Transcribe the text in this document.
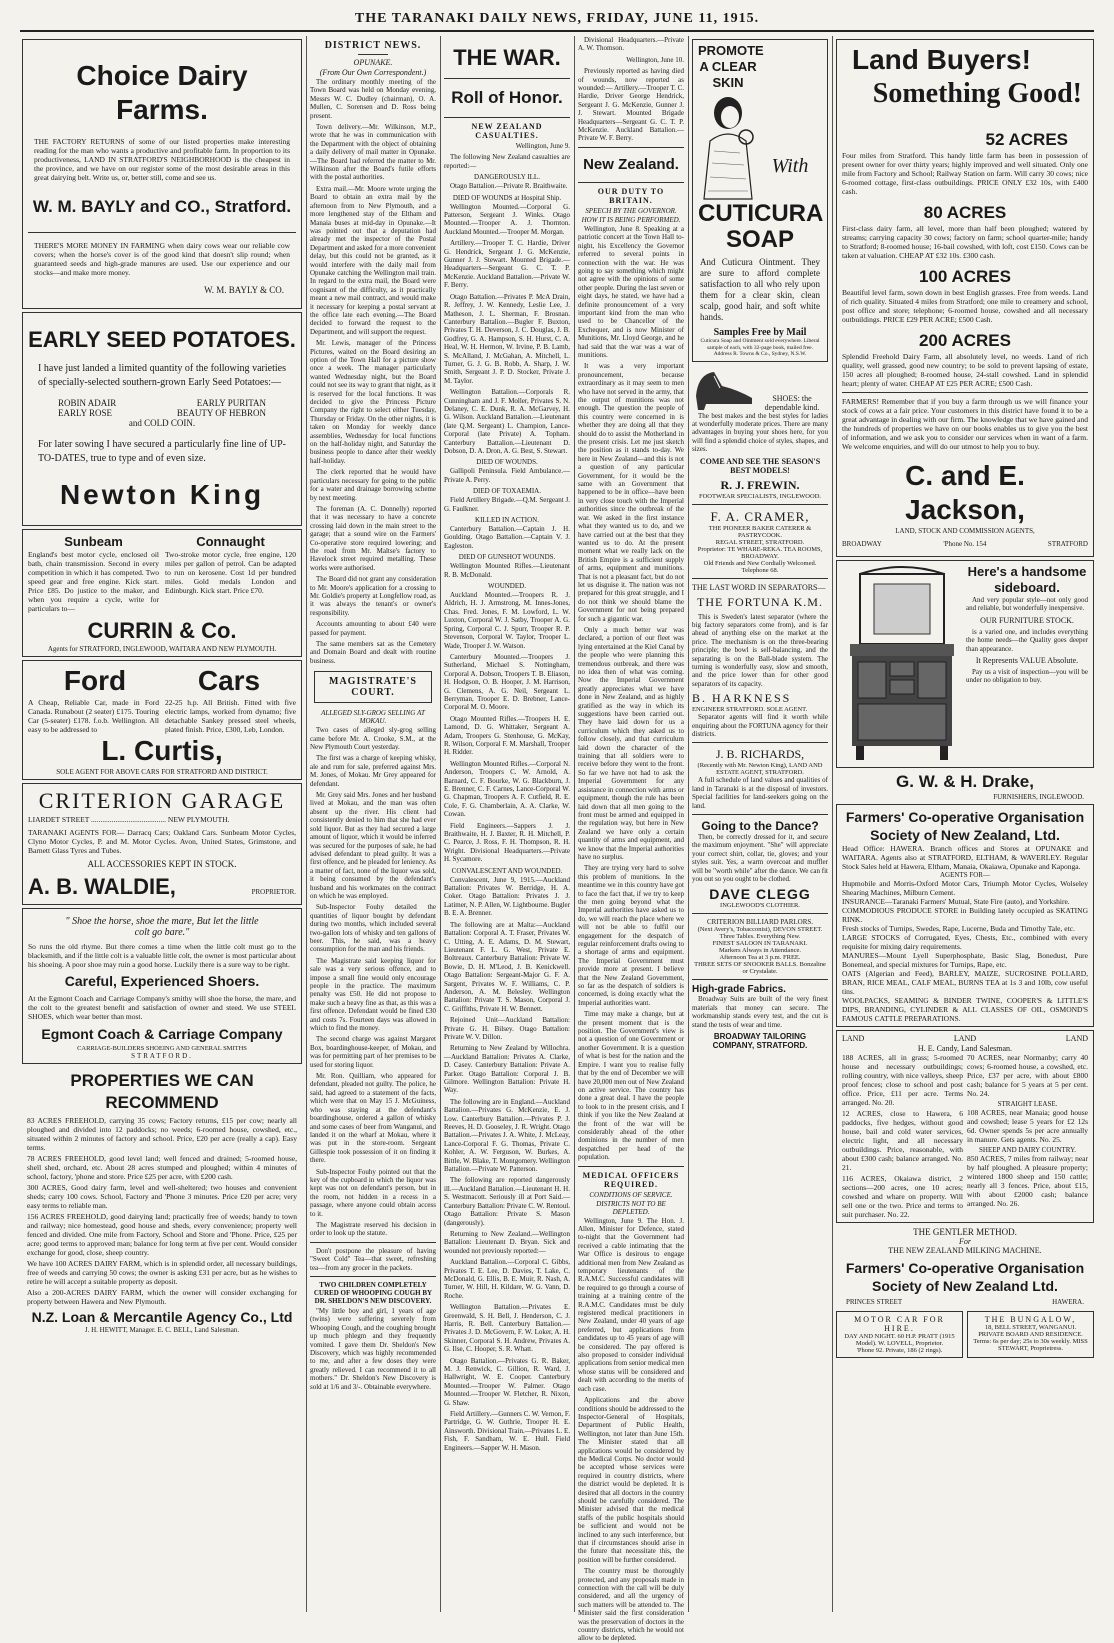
THE TARANAKI DAILY NEWS, FRIDAY, JUNE 11, 1915.
Choice Dairy Farms.
THE FACTORY RETURNS of some of our listed properties make interesting reading for the man who wants a productive and profitable farm. In proportion to its productiveness, LAND IN STRATFORD'S NEIGHBORHOOD is the cheapest in the province, and we have on our register some of the most desirable areas in this great dairying belt. Write us, or, better still, come and see us.
W. M. BAYLY and CO., Stratford.
THERE'S MORE MONEY IN FARMING when dairy cows wear our reliable cow covers; when the horse's cover is of the good kind that doesn't slip round; when guaranteed seeds and high-grade manures are used. Use our experience and our stocks—and make more money.
W. M. BAYLY & CO.
EARLY SEED POTATOES.
I have just landed a limited quantity of the following varieties of specially-selected southern-grown Early Seed Potatoes:—
ROBIN ADAIR	EARLY PURITAN
EARLY ROSE	BEAUTY OF HEBRON
and COLD COIN.
For later sowing I have secured a particularly fine line of UP-TO-DATES, true to type and of even size.
Newton King
Sunbeam
England's best motor cycle, enclosed oil bath, chain transmission. Second in every competition in which it has competed. Two speed gear and free engine. Kick start. Price £85. Do justice to the maker, and when you require a cycle, write for particulars to—
Connaught
Two-stroke motor cycle, free engine, 120 miles per gallon of petrol. Can be adapted to run on kerosene. Cost 1d per hundred miles. Gold medals London and Edinburgh. Kick start. Price £70.
CURRIN & Co.
Agents for STRATFORD, INGLEWOOD, WAITARA AND NEW PLYMOUTH.
Ford	Cars
A Cheap, Reliable Car, made in Ford Canada. Runabout (2 seater) £175. Touring Car (5-seater) £178. f.o.b. Wellington. All easy to be addressed to
22-25 h.p. All British. Fitted with five electric lamps, worked from dynamo; five detachable Sankey pressed steel wheels, plated finish. Price, £300, Leb, London.
L. Curtis,
SOLE AGENT FOR ABOVE CARS FOR STRATFORD AND DISTRICT.
CRITERION GARAGE
LIARDET STREET ........................................ NEW PLYMOUTH.
TARANAKI AGENTS FOR— Darracq Cars; Oakland Cars. Sunbeam Motor Cycles, Clyno Motor Cycles, P. and M. Motor Cycles. Avon, United States, Grimstone, and Barnett Glass Tyres and Tubes.
ALL ACCESSORIES KEPT IN STOCK.
A. B. WALDIE,	PROPRIETOR.
" Shoe the horse, shoe the mare, But let the little colt go bare."
So runs the old rhyme. But there comes a time when the little colt must go to the blacksmith, and if the little colt is a valuable little colt, the owner is most particular about his shoeing. A poor shoe may ruin a good horse. Luckily there is a sure way to be right.
Careful, Experienced Shoers.
At the Egmont Coach and Carriage Company's smithy will shoe the horse, the mare, and the colt to the greatest benefit and satisfaction of owner and steed. We use STEEL SHOES, which wear better than most.
Egmont Coach & Carriage Company
CARRIAGE-BUILDERS SHOEING AND GENERAL SMITHS
STRATFORD.
PROPERTIES WE CAN RECOMMEND
83 ACRES FREEHOLD, carrying 35 cows; Factory returns, £15 per cow; nearly all ploughed and divided into 12 paddocks; no weeds; 6-roomed house, cowshed, etc., situated within 2 minutes of factory and school. Price, £20 per acre (really a cap). Easy terms.
78 ACRES FREEHOLD, good level land; well fenced and drained; 5-roomed house, shell shed, orchard, etc. About 28 acres stumped and ploughed; within 4 minutes of school, factory, 'phone and store. Price £25 per acre, with £200 cash.
300 ACRES, Good dairy farm, level and well-sheltered; two houses and convenient sheds; carry 100 cows. School, Factory and 'Phone 3 minutes. Price £20 per acre; very easy terms to reliable man.
156 ACRES FREEHOLD, good dairying land; practically free of weeds; handy to town and railway; nice homestead, good house and sheds, every convenience; property well fenced and divided. One mile from Factory, School and Store and 'Phone. Price, £25 per acre; good terms to approved man; balance for long term at five per cent. Would consider exchange for good, close, sheep country.
We have 100 ACRES DAIRY FARM, which is in splendid order, all necessary buildings, free of weeds and carrying 50 cows; the owner is asking £31 per acre, but as he wishes to retire he will accept a suitable property as deposit.
Also a 200-ACRES DAIRY FARM, which the owner will consider exchanging for property between Hawera and New Plymouth.
N.Z. Loan & Mercantile Agency Co., Ltd
J. H. HEWITT, Manager. E. C. BELL, Land Salesman.
DISTRICT NEWS.
OPUNAKE.
(From Our Own Correspondent.)
The ordinary monthly meeting of the Town Board was held on Monday evening, Messrs W. C. Dudley (chairman), O. A. Mullen, C. Sorensen and D. Ross being present.
Town delivery.—Mr. Wilkinson, M.P., wrote that he was in communication with the Department with the object of obtaining a daily delivery of mail matter in Opunake.—The Board had referred the matter to Mr. Wilkinson after the Board's futile efforts with the postal authorities.
Extra mail.—Mr. Moore wrote urging the Board to obtain an extra mail by the afternoon from to New Plymouth, and a more lengthened stay of the Eltham and Manaia buses at mid-day in Opunake.—It was pointed out that a deputation had already met the inspector of the Postal Department and asked for a more convenient delay, but this could not be granted, as it would interfere with the daily mail from Opunake catching the Wellington mail train. In regard to the extra mail, the Board were cognisant of the difficulty, as it practically meant a new mail contract, and would make it necessary for keeping a postal servant at the office late each evening.—The Board decided to forward the request to the Department, and will support the request.
Mr. Lewis, manager of the Princess Pictures, waited on the Board desiring an option of the Town Hall for a picture show once a week. The manager particularly wanted Wednesday night, but the Board could not see its way to grant that night, as it is reserved for the local functions. It was decided to give the Princess Picture Company the right to select either Tuesday, Thursday or Friday. On the other nights, it is taken on Monday for weekly dance assemblies, Wednesday for local functions on the half-holiday night, and Saturday the business people to dance after their weekly half-holiday.
The clerk reported that he would have particulars necessary for going to the public for a water and drainage borrowing scheme by next meeting.
The foreman (A. C. Donnelly) reported that it was necessary to have a concrete crossing laid down in the main street to the garage; that a sound wire on the Farmers' Co-operative store required lowering; and the road from Mr. Maltse's factory to Havelock street required metalling. These works were authorised.
The Board did not grant any consideration to Mr. Moore's application for a crossing to Mr. Goldie's property at Longfellow road, as it was always the tenant's or owner's responsibility.
Accounts amounting to about £40 were passed for payment.
The same members sat as the Cemetery and Domain Board and dealt with routine business.
MAGISTRATE'S COURT.
ALLEGED SLY-GROG SELLING AT MOKAU.
Two cases of alleged sly-grog selling came before Mr. A. Crooke, S.M., at the New Plymouth Court yesterday.
The first was a charge of keeping whisky, ale and rum for sale, preferred against Mrs. M. Jones, of Mokau. Mr Grey appeared for defendant.
Mr. Grey said Mrs. Jones and her husband lived at Mokau, and the man was often absent up the river. His client had consistently denied to him that she had ever sold liquor. But as they had secured a large amount of liquor, which it would be inferred was secured for the purposes of sale, he had advised defendant to plead guilty. It was a first offence, and he pleaded for leniency. As a matter of fact, none of the liquor was sold, it being consumed by the defendant's husband and his workmates on the contract on which he was employed.
Sub-Inspector Fouhy detailed the quantities of liquor bought by defendant during two months, which included several two-gallon lots of whisky and ten gallons of beer. This, he said, was a heavy consumption for the man and his friends.
The Magistrate said keeping liquor for sale was a very serious offence, and to impose a small fine would only encourage people in the practice. The maximum penalty was £50. He did not propose to make such a heavy fine as that, as this was a first offence. Defendant would be fined £30 and costs 7s. Fourteen days was allowed in which to find the money.
The second charge was against Margaret Box, boardinghouse-keeper, of Mokau, and was for permitting part of her premises to be used for storing liquor.
Mr. Ron. Quilliam, who appeared for defendant, pleaded not guilty. The police, he said, had agreed to a statement of the facts, which were that on May 15 J. McGuiness, who was staying at the defendant's boardinghouse, ordered a gallon of whisky and some cases of beer from Wanganui, and landed it on the wharf at Mokau, where it was put in the store-room. Sergeant Gillespie took possession of it on finding it there.
Sub-Inspector Fouhy pointed out that the key of the cupboard in which the liquor was kept was not on defendant's person, but in the room, not hidden in a recess in a passage, where anyone could obtain access to it.
The Magistrate reserved his decision in order to look up the statute.
Don't postpone the pleasure of having "Sweet Cold" Tea—that sweet, refreshing tea—from any grocer in the packets.
TWO CHILDREN COMPLETELY CURED OF WHOOPING COUGH BY DR. SHELDON'S NEW DISCOVERY.
"My little boy and girl, 1 years of age (twins) were suffering severely from Whooping Cough, and the coughing brought up much phlegm and they frequently vomited. I gave them Dr. Sheldon's New Discovery, which was highly recommended to me, and after a few doses they were greatly relieved. I can recommend it to all mothers." Dr. Sheldon's New Discovery is sold at 1/6 and 3/-. Obtainable everywhere.
THE WAR.
Roll of Honor.
NEW ZEALAND CASUALTIES.
Wellington, June 9.
The following New Zealand casualties are reported:—
DANGEROUSLY ILL.
Otago Battalion.—Private R. Braithwaite.
DIED OF WOUNDS at Hospital Ship.
Wellington Mounted.—Corporal G. Patterson, Sergeant J. Winks. Otago Mounted.—Trooper A. J. Thornton. Auckland Mounted.—Trooper M. Morgan.
Artillery.—Trooper T. C. Hardie, Driver G. Hendrick, Sergeant J. G. McKenzie, Gunner J. J. Stewart. Mounted Brigade.—Headquarters—Sergeant G. C. T. P. McKenzie. Auckland Battalion.—Private W. F. Berry.
Otago Battalion.—Privates P. McA Drain, R. Jeffrey, J. W. Kennedy, Leslie Lee, J. Matheson, J. L. Sherman, F. Brosnan. Canterbury Battalion.—Bugler F. Buxton, Privates T. H. Deverson, J. C. Douglas, J. B. Godfrey, G. A. Hampson, S. H. Hurst, C. A. Heal, W. H. Hermon, W. Irvine, P. B. Lamb, S. McAlland, J. McGahan, A. Mitchell, L. Turner, G. J. G. B. Robb, A. Sharp, J. W. Smith, Sergeant J. P. D. Stocker, Private J. M. Taylor.
Wellington Battalion.—Corporals R. Cunningham and J. F. Moller, Privates S. N. Delaney, C. E. Dunk, R. A. McGarvey, H. G. Wilson. Auckland Battalion.—Lieutenant (late Q.M. Sergeant) L. Champion, Lance-Corporal (late Private) A. Topham. Canterbury Battalion.—Lieutenant D. Dobson, D. A. Dron, A. G. Best, S. Stewart.
DIED OF WOUNDS.
Gallipoli Peninsula. Field Ambulance.—Private A. Perry.
DIED OF TOXAEMIA.
Field Artillery Brigade.—Q.M. Sergeant J. G. Faulkner.
KILLED IN ACTION.
Canterbury Battalion.—Captain J. H. Goulding. Otago Battalion.—Captain V. J. Eagleston.
DIED OF GUNSHOT WOUNDS.
Wellington Mounted Rifles.—Lieutenant R. B. McDonald.
WOUNDED.
Auckland Mounted.—Troopers R. J. Aldrich, H. J. Armstrong, M. Innes-Jones, Chas. Fred. Jones, F. M. Lowford, L. W. Luxton, Corporal W. J. Satby, Trooper A. G. Spring, Corporal C. J. Spurr, Trooper R. P. Stevenson, Corporal W. Taylor, Trooper L. Wade, Trooper J. W. Watson.
Canterbury Mounted.—Troopers J. Sutherland, Michael S. Nottingham, Corporal A. Dobson, Troopers T. B. Eliason, H. Hodgson, O. B. Hooper, J. M. Harrison, G. Clemens, A. G. Neil, Sergeant L. Berryman, Trooper E. D. Brebner, Lance-Corporal M. O. Moore.
Otago Mounted Rifles.—Troopers H. E. Lamond, D. G. Whittaker, Sergeant A. Adam, Troopers G. Stenhouse, G. McKay, R. Wilson, Corporal F. M. Marshall, Trooper H. Ridder.
Wellington Mounted Rifles.—Corporal N. Anderson, Troopers C. W. Arnold, A. Barnard, C. F. Bourke, W. G. Blackburn, J. E. Brenner, C. F. Carnes, Lance-Corporal W. G. Chapman, Troopers A. F. Cutfield, R. E. Cole, F. G. Chamberlain, A. A. Clarke, W. Cowan.
Field Engineers.—Sappers J. J. Braithwaite, H. J. Baxter, R. H. Mitchell, P. C. Pearce, J. Ross, F. H. Thompson, R. H. Wright. Divisional Headquarters.—Private H. Sycamore.
CONVALESCENT AND WOUNDED.
Convalescent, June 9, 1915.—Auckland Battalion: Privates W. Berridge, H. A. Coker. Otago Battalion: Privates J. J. Latimer, N. P. Allen, W. Lightbourne. Bugler B. E. A. Brenner.
The following are at Malta:—Auckland Battalion: Corporal A. T. Fraser, Privates W. C. Utting, A. E. Adams, D. M. Stewart, Lieutenant F. L. G. West, Private E. Boltreaux. Canterbury Battalion: Private W. Bowie, D. H. M'Leod, J. B. Kenickwell. Otago Battalion: Sergeant-Major G. F. A. Sargent, Privates W. F. Williams, C. P. Anderson, A. M. Belesley. Wellington Battalion: Private T. S. Mason, Corporal J. C. Griffiths, Private H. W. Bennett.
Rejoined Unit—Auckland Battalion: Private G. H. Bilsey. Otago Battalion: Private W. V. Dillon.
Returning to New Zealand by Willochra.—Auckland Battalion: Privates A. Clarke, D. Casey. Canterbury Battalion: Private A. Parker. Otago Battalion: Corporal J. B. Gilmore. Wellington Battalion: Private H. Way.
The following are in England.—Auckland Battalion.—Privates G. McKenzie, E. J. Low. Canterbury Battalion.—Privates P. J. Reeves, H. D. Gooseley, J. R. Wright. Otago Battalion.—Privates J. A. White, J. McLeay, Lance-Corporal F. G. Thomas, Private C. Kohler, A. W. Ferguson, W. Burkes, A. Bittle, W. Blake, T. Montgomery. Wellington Battalion.—Private W. Patterson.
The following are reported dangerously ill.—Auckland Battalion.—Lieutenant H. H. S. Westmacott. Seriously ill at Port Said.—Canterbury Battalion: Private C. W. Rentoul. Otago Battalion: Private S. Mason (dangerously).
Returning to New Zealand.—Wellington Battalion: Lieutenant D. Bryan. Sick and wounded not previously reported:—
Auckland Battalion.—Corporal C. Gibbs, Privates T. E. Lee, D. Davies, T. Lake, C. McDonald, G. Ellis, B. E. Muir, R. Nash, A. Turner, W. Hill, H. Kildare, W. G. Vann, D. Roche.
Wellington Battalion.—Privates E. Greenwald, S. H. Bell, J. Henderson, C. J. Harris, R. Bell. Canterbury Battalion.—Privates J. D. McGovern, F. W. Loker, A. H. Skinner, Corporal S. H. Andrew, Privates A. G. Ilse, C. Hooper, S. R. Whatt.
Otago Battalion.—Privates G. R. Baker, M. J. Renwick, C. Gillion, R. Ward, J. Hallwright, W. E. Cooper. Canterbury Mounted.—Trooper W. Palmer. Otago Mounted.—Trooper W. Fletcher, R. Nixon, G. Shaw.
Field Artillery.—Gunners C. W. Vernon, F. Partridge, G. W. Guthrie, Trooper H. E. Ainsworth. Divisional Train.—Privates L. E. Fish, F. Sandham, W. E. Hull. Field Engineers.—Sapper W. H. Mason.
Divisional Headquarters.—Private A. W. Thomson.
Wellington, June 10.
Previously reported as having died of wounds, now reported as wounded:— Artillery.—Trooper T. C. Hardie, Driver George Hendrick, Sergeant J. G. McKenzie, Gunner J. J. Stewart. Mounted Brigade Headquarters—Sergeant G. C. T. P. McKenzie. Auckland Battalion.—Private W. F. Berry.
New Zealand.
OUR DUTY TO BRITAIN.
SPEECH BY THE GOVERNOR.
HOW IT IS BEING PERFORMED.
Wellington, June 8. Speaking at a patriotic concert at the Town Hall to-night, his Excellency the Governor referred to several points in connection with the war. He was going to say something which might not agree with the opinions of some other people. During the last seven or eight days, he stated, we have had a definite pronouncement of a very important kind from the man who used to be Chancellor of the Exchequer, and is now Minister of Munitions, Mr. Lloyd George, and he had said that the war was a war of munitions.
It was a very important pronouncement, because extraordinary as it may seem to men who have not served in the army, that the output of munitions was not enough. The question the people of this country were concerned in is whether they are doing all that they should do to assist the Motherland in the present crisis. Let me just sketch the position as it stands to-day. We here in New Zealand—and this is not a question of any particular Government, for it would be the same with an Government that happened to be in office—have been in very close touch with the Imperial authorities since the outbreak of the war. We asked in the first instance what they wanted us to do, and we have carried out at the best that they wanted us to do. At the present moment what we really lack on the British Empire is a sufficient supply of arms, equipment and munitions. That is not a pleasant fact, but do not let us disguise it. The nation was not prepared for this great struggle, and I do not think we should blame the Government for not being prepared for such a gigantic war.
Only a much better war was declared, a portion of our fleet was lying entertained at the Kiel Canal by the people who were planning this tremendous outbreak, and there was no idea then of what was coming. Now the Imperial Government greatly appreciates what we have done in New Zealand, and as highly gratified as the way in which its suggestions have been carried out. They have laid down for us a curriculum which they asked us to follow closely, and that curriculum laid down the character of the training that all soldiers were to receive before they went to the front. So far we have not had to ask the Imperial Government for any assistance in connection with arms or equipment, though the rule has been laid down that all men going to the front must be armed and equipped in the regulation way, but here in New Zealand we have only a certain quantity of arms and equipment, and we know that the Imperial authorities have no surplus.
They are trying very hard to solve this problem of munitions. In the meantime we in this country have got to face the fact that, if we try to keep the men going beyond what the Imperial authorities have asked us to do, we will reach the place where we will not be able to fulfil our engagement for the despatch of regular reinforcement drafts owing to a shortage of arms and equipment. The Imperial Government must provide more at present. I believe that the New Zealand Government, so far as the despatch of soldiers is concerned, is doing exactly what the Imperial authorities want.
Time may make a change, but at the present moment that is the position. The Government's view is not a question of one Government or another Government. It is a question of what is best for the nation and the Empire. I want you to realise fully that by the end of December we will have 20,000 men out of New Zealand on active service. The country has done a great deal. I have the people to look to in the present crisis, and I think if you like the New Zealand at the front of the war will be considerably ahead of the other dominions in the number of men despatched per head of the population.
MEDICAL OFFICERS REQUIRED.
CONDITIONS OF SERVICE.
DISTRICTS NOT TO BE DEPLETED.
Wellington, June 9. The Hon. J. Allen, Minister for Defence, stated to-night that the Government had received a cable intimating that the War Office is desirous to engage additional men from New Zealand as temporary lieutenants of the R.A.M.C. Successful candidates will be required to go through a course of training at a training centre of the R.A.M.C. Candidates must be duly registered medical practitioners in New Zealand, under 40 years of age preferred, but applications from candidates up to 45 years of age will be considered. The pay offered is also proposed to consider individual applications from senior medical men whose status will be considered and dealt with according to the merits of each case.
Applications and the above conditions should be addressed to the Inspector-General of Hospitals, Department of Public Health, Wellington, not later than June 15th. The Minister stated that all applications would be considered by the Medical Corps. No doctor would be accepted whose services were required in country districts, where the district would be depleted. It is desired that all doctors in the country should be carefully considered. The Minister advised that the medical staffs of the public hospitals should be sufficient and would not be inclined to any such interference, but that if circumstances should arise in the future that necessitate this, the position will be further considered.
The country must be thoroughly protected, and any proposals made in connection with the call will be duly considered, and all the urgency of such matters will be attended to. The Minister said the first consideration was the preservation of doctors in the country districts, which he would not allow to be depleted.
PROMOTE A CLEAR SKIN
With
CUTICURA SOAP
And Cuticura Ointment. They are sure to afford complete satisfaction to all who rely upon them for a clear skin, clean scalp, good hair, and soft white hands.
Samples Free by Mail
Cuticura Soap and Ointment sold everywhere. Liberal sample of each, with 32-page book, mailed free. Address R. Towns & Co., Sydney, N.S.W.
SHOES: the dependable kind.
The best makes and the best styles for ladies at wonderfully moderate prices. There are many advantages in buying your shoes here, for you will find a splendid choice of styles, shapes, and sizes.
COME AND SEE THE SEASON'S BEST MODELS!
R. J. FREWIN.
FOOTWEAR SPECIALISTS, INGLEWOOD.
F. A. CRAMER,
THE PIONEER BAKER CATERER & PASTRYCOOK.
REGAL STREET, STRATFORD.
Proprietor: TE WHARE-REKA. TEA ROOMS, BROADWAY.
Old Friends and New Cordially Welcomed.
Telephone 68.
THE LAST WORD IN SEPARATORS—
THE FORTUNA K.M.
This is Sweden's latest separator (where the big factory separators come from), and is far ahead of anything else on the market at the price. The mechanism is on the three-bearing principle; the bowl is self-balancing, and the separating is on the Ball-blade system. The turning is wonderfully easy, slow and smooth, and the price lower than for other good separators of its capacity.
B. HARKNESS
ENGINEER STRATFORD. SOLE AGENT.
Separator agents will find it worth while enquiring about the FORTUNA agency for their districts.
J. B. RICHARDS,
(Recently with Mr. Newton King), LAND AND ESTATE AGENT, STRATFORD.
A full schedule of land values and qualities of land in Taranaki is at the disposal of investors. Special facilities for land-seekers going on the land.
Going to the Dance?
Then, be correctly dressed for it, and secure the maximum enjoyment. "She" will appreciate your correct shirt, collar, tie, gloves; and your styles suit. Yes, a warm overcoat and muffler will be "worth while" after the dance. We can fit you out so you ought to be clothed.
DAVE CLEGG
INGLEWOOD'S CLOTHIER.
CRITERION BILLIARD PARLORS.
(Next Avery's, Tobacconist), DEVON STREET.
Three Tables. Everything New.
FINEST SALOON IN TARANAKI.
Markers Always in Attendance.
Afternoon Tea at 3 p.m. FREE.
THREE SETS OF SNOOKER BALLS. Bonzaline or Crystalate.
High-grade Fabrics.
Broadway Suits are built of the very finest materials that money can secure. The workmanship stands every test, and the cut is stand the tests of wear and time.
BROADWAY TAILORING COMPANY, STRATFORD.
Land Buyers!
Something Good!
52 ACRES
Four miles from Stratford. This handy little farm has been in possession of present owner for over thirty years; highly improved and well situated. Only one mile from Factory and School; Railway Station on farm. Will carry 30 cows; nice 6-roomed cottage, first-class outbuildings. PRICE ONLY £32 10s, with £400 cash.
80 ACRES
First-class dairy farm, all level, more than half been ploughed; watered by streams; carrying capacity 30 cows; factory on farm; school quarter-mile; handy to Stratford; 8-roomed house; 16-bail cowshed, with loft, cost £150. Cows can be taken at valuation. CHEAP AT £32 10s. £300 cash.
100 ACRES
Beautiful level farm, sown down in best English grasses. Free from weeds. Land of rich quality. Situated 4 miles from Stratford; one mile to creamery and school, post office and store; telephone; 6-roomed house, cowshed and all necessary outbuildings. PRICE £29 PER ACRE; £500 Cash.
200 ACRES
Splendid Freehold Dairy Farm, all absolutely level, no weeds. Land of rich quality, well grassed, good new country; to be sold to prevent lapsing of estate, 150 acres all ploughed; 8-roomed house, 24-stall cowshed. Land in splendid heart; plenty of water. CHEAP AT £25 PER ACRE; £500 Cash.
FARMERS! Remember that if you buy a farm through us we will finance your stock of cows at a fair price. Your customers in this district have found it to be a great advantage in dealing with our firm. The knowledge that we have gained and the hundreds of properties we have on our books enables us to give you the best of information, and we ask you to consider our services when in want of a farm. We welcome enquiries, and will do our utmost to help you to buy.
C. and E. Jackson,
LAND, STOCK AND COMMISSION AGENTS,
BROADWAY	'Phone No. 154	STRATFORD
Here's a handsome sideboard.
And very popular style—not only good and reliable, but wonderfully inexpensive.
OUR FURNITURE STOCK.
is a varied one, and includes everything the home needs—the Quality goes deeper than appearance.
It Represents VALUE Absolute.
Pay us a visit of inspection—you will be under no obligation to buy.
G. W. & H. Drake,
FURNISHERS, INGLEWOOD.
Farmers' Co-operative Organisation Society of New Zealand, Ltd.
Head Office: HAWERA. Branch offices and Stores at OPUNAKE and WAITARA. Agents also at STRATFORD, ELTHAM, & WAVERLEY. Regular Stock Sales held at Hawera, Eltham, Manaia, Okaiawa, Opunake and Kaponga.
AGENTS FOR—
Hupmobile and Morris-Oxford Motor Cars, Triumph Motor Cycles, Wolseley Shearing Machines, Milburn Cement.
INSURANCE—Taranaki Farmers' Mutual, State Fire (auto), and Yorkshire.
COMMODIOUS PRODUCE STORE in Building lately occupied as SKATING RINK.
Fresh stocks of Turnips, Swedes, Rape, Lucerne, Buda and Timothy Tale, etc.
LARGE STOCKS of Corrugated, Eyes, Chests, Etc., combined with every requisite for mixing dairy requirements.
MANURES—Mount Lyell Superphosphate, Basic Slag, Bonedust, Pure Bonemeal, and special mixtures for Turnips, Rape, etc.
OATS (Algerian and Feed), BARLEY, MAIZE, SUCROSINE POLLARD, BRAN, RICE MEAL, CALF MEAL, BURNS TEA at 1s 3 and 10lb, cow useful tins.
WOOLPACKS, SEAMING & BINDER TWINE, COOPER'S & LITTLE'S DIPS, BRANDING, CYLINDER & ALL CLASSES OF OIL, OSMOND'S FAMOUS CATTLE PREPARATIONS.
LAND	LAND	LAND
H. E. Candy, Land Salesman.
188 ACRES, all in grass; 5-roomed house and necessary outbuildings; rolling country, with nice valleys, sheep proof fences; close to school and post office. Price, £11 per acre. Terms arranged. No. 20.
12 ACRES, close to Hawera, 6 paddocks, five hedges, without good house, bail and cold water services, electric light, and all necessary outbuildings. Price, reasonable, with about £300 cash; balance arranged. No. 21.
116 ACRES, Okaiawa district, 2 sections—200 acres, one 10 acres; cowshed and whare on property. Will sell one or the two. Price and terms to suit purchaser. No. 22.
70 ACRES, near Normanby; carry 40 cows; 6-roomed house, a cowshed, etc. Price, £37 per acre, with about £800 cash; balance for 5 years at 5 per cent. No. 24.
STRAIGHT LEASE.
108 ACRES, near Manaia; good house and cowshed; lease 5 years for £2 12s 6d. Owner spends 5s per acre annually in manure. Gets agents. No. 25.
SHEEP AND DAIRY COUNTRY.
850 ACRES, 7 miles from railway; near by half ploughed. A pleasure property; wintered 1800 sheep and 150 cattle; nearly all 3 fences. Price, about £15, with about £2000 cash; balance arranged. No. 26.
THE GENTLER METHOD.
For
THE NEW ZEALAND MILKING MACHINE.
Farmers' Co-operative Organisation Society of New Zealand Ltd.
PRINCES STREET	HAWERA.
MOTOR CAR FOR HIRE.
DAY AND NIGHT. 60 H.P. PRATT (1915 Model). W. LOVELL, Proprietor.
'Phone 92. Private, 186 (2 rings).
THE BUNGALOW,
18, BELL STREET, WANGANUI.
PRIVATE BOARD AND RESIDENCE. Terms: 6s per day; 25s to 30s weekly. MISS STEWART, Proprietress.
